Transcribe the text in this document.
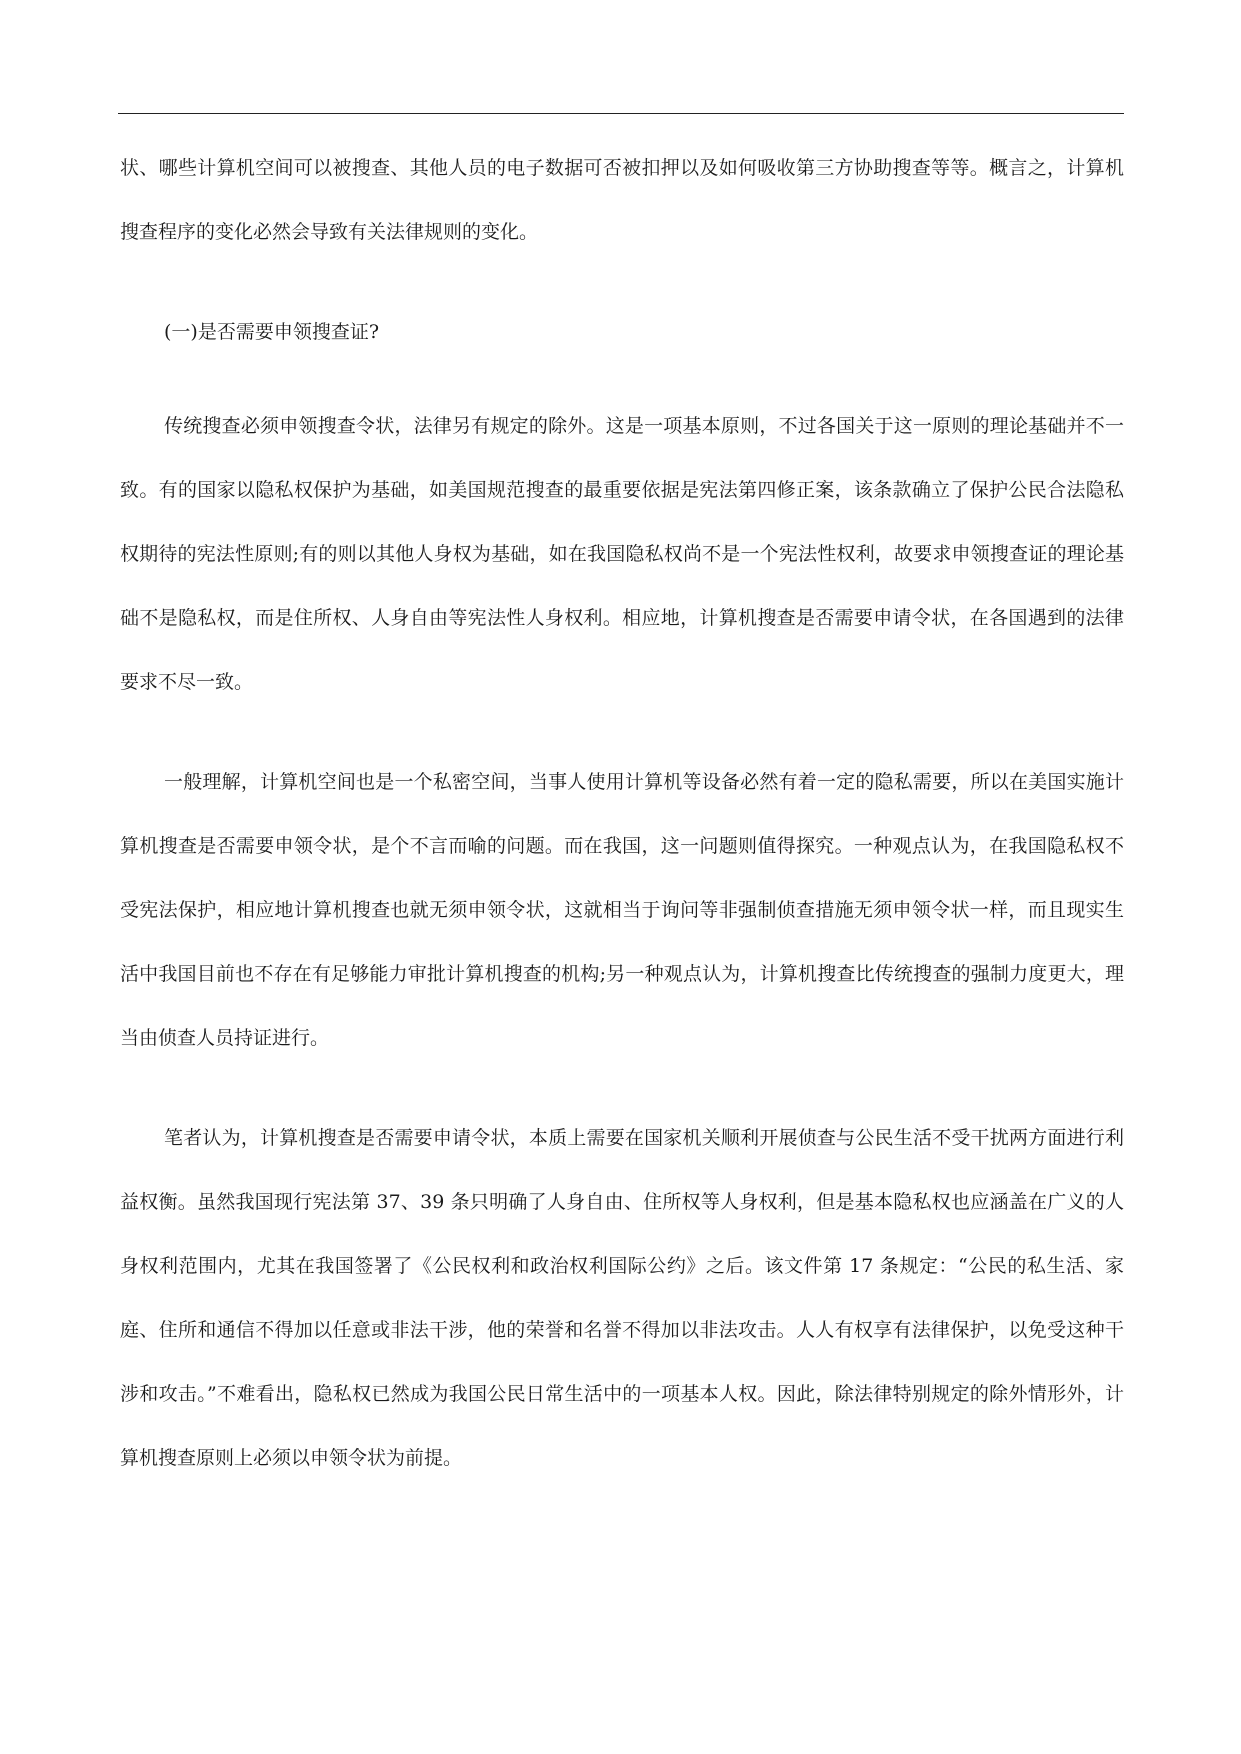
状、哪些计算机空间可以被搜查、其他人员的电子数据可否被扣押以及如何吸收第三方协助搜查等等。概言之，计算机搜查程序的变化必然会导致有关法律规则的变化。

(一)是否需要申领搜查证?

传统搜查必须申领搜查令状，法律另有规定的除外。这是一项基本原则，不过各国关于这一原则的理论基础并不一致。有的国家以隐私权保护为基础，如美国规范搜查的最重要依据是宪法第四修正案，该条款确立了保护公民合法隐私权期待的宪法性原则;有的则以其他人身权为基础，如在我国隐私权尚不是一个宪法性权利，故要求申领搜查证的理论基础不是隐私权，而是住所权、人身自由等宪法性人身权利。相应地，计算机搜查是否需要申请令状，在各国遇到的法律要求不尽一致。

一般理解，计算机空间也是一个私密空间，当事人使用计算机等设备必然有着一定的隐私需要，所以在美国实施计算机搜查是否需要申领令状，是个不言而喻的问题。而在我国，这一问题则值得探究。一种观点认为，在我国隐私权不受宪法保护，相应地计算机搜查也就无须申领令状，这就相当于询问等非强制侦查措施无须申领令状一样，而且现实生活中我国目前也不存在有足够能力审批计算机搜查的机构;另一种观点认为，计算机搜查比传统搜查的强制力度更大，理当由侦查人员持证进行。

笔者认为，计算机搜查是否需要申请令状，本质上需要在国家机关顺利开展侦查与公民生活不受干扰两方面进行利益权衡。虽然我国现行宪法第 37、39 条只明确了人身自由、住所权等人身权利，但是基本隐私权也应涵盖在广义的人身权利范围内，尤其在我国签署了《公民权利和政治权利国际公约》之后。该文件第 17 条规定：“公民的私生活、家庭、住所和通信不得加以任意或非法干涉，他的荣誉和名誉不得加以非法攻击。人人有权享有法律保护，以免受这种干涉和攻击。”不难看出，隐私权已然成为我国公民日常生活中的一项基本人权。因此，除法律特别规定的除外情形外，计算机搜查原则上必须以申领令状为前提。
